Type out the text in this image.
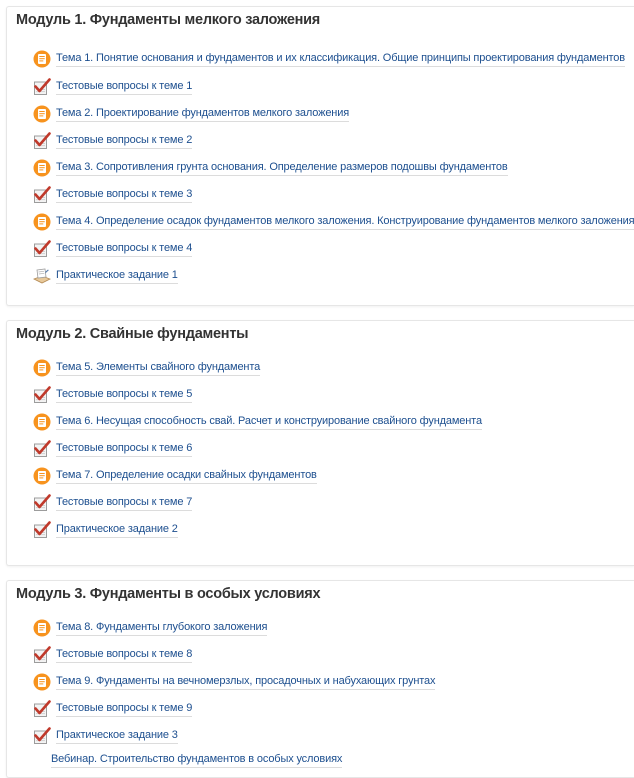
Модуль 1. Фундаменты мелкого заложения
Тема 1. Понятие основания и фундаментов и их классификация. Общие принципы проектирования фундаментов
Тестовые вопросы к теме 1
Тема 2. Проектирование фундаментов мелкого заложения
Тестовые вопросы к теме 2
Тема 3. Сопротивления грунта основания. Определение размеров подошвы фундаментов
Тестовые вопросы к теме 3
Тема 4. Определение осадок фундаментов мелкого заложения. Конструирование фундаментов мелкого заложения
Тестовые вопросы к теме 4
Практическое задание 1
Модуль 2. Свайные фундаменты
Тема 5. Элементы свайного фундамента
Тестовые вопросы к теме 5
Тема 6. Несущая способность свай. Расчет и конструирование свайного фундамента
Тестовые вопросы к теме 6
Тема 7. Определение осадки свайных фундаментов
Тестовые вопросы к теме 7
Практическое задание 2
Модуль 3. Фундаменты в особых условиях
Тема 8. Фундаменты глубокого заложения
Тестовые вопросы к теме 8
Тема 9. Фундаменты на вечномерзлых, просадочных и набухающих грунтах
Тестовые вопросы к теме 9
Практическое задание 3
Вебинар. Строительство фундаментов в особых условиях
